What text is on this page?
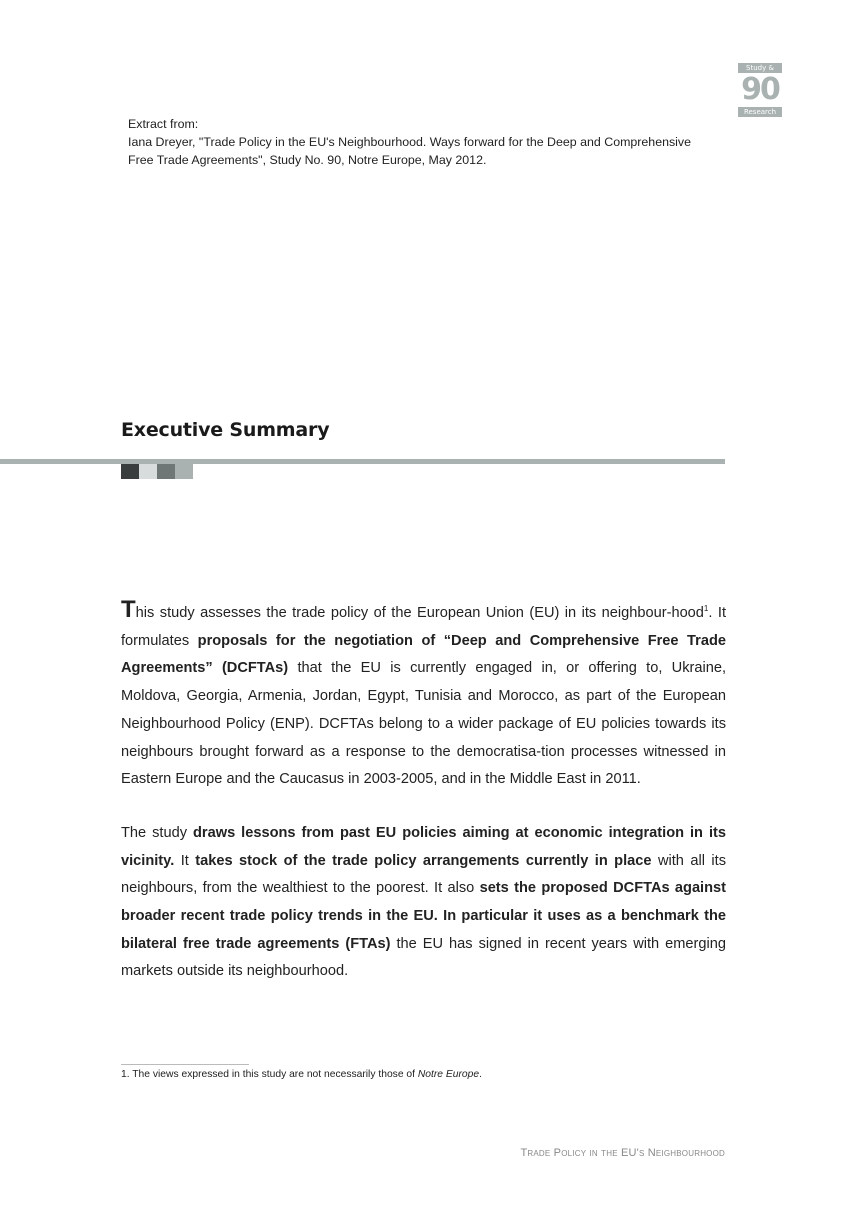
Study &
90
Research
Extract from:
Iana Dreyer, "Trade Policy in the EU's Neighbourhood. Ways forward for the Deep and Comprehensive
Free Trade Agreements", Study No. 90, Notre Europe, May 2012.
Executive Summary

This study assesses the trade policy of the European Union (EU) in its neighbour-hood$^1$. It formulates proposals for the negotiation of “Deep and Comprehensive Free Trade Agreements” (DCFTAs) that the EU is currently engaged in, or offering to, Ukraine, Moldova, Georgia, Armenia, Jordan, Egypt, Tunisia and Morocco, as part of the European Neighbourhood Policy (ENP). DCFTAs belong to a wider package of EU policies towards its neighbours brought forward as a response to the democratisa-tion processes witnessed in Eastern Europe and the Caucasus in 2003-2005, and in the Middle East in 2011.

The study draws lessons from past EU policies aiming at economic integration in its vicinity. It takes stock of the trade policy arrangements currently in place with all its neighbours, from the wealthiest to the poorest. It also sets the proposed DCFTAs against broader recent trade policy trends in the EU. In particular it uses as a benchmark the bilateral free trade agreements (FTAs) the EU has signed in recent years with emerging markets outside its neighbourhood.

1. The views expressed in this study are not necessarily those of Notre Europe.
Trade Policy in the EU's Neighbourhood
